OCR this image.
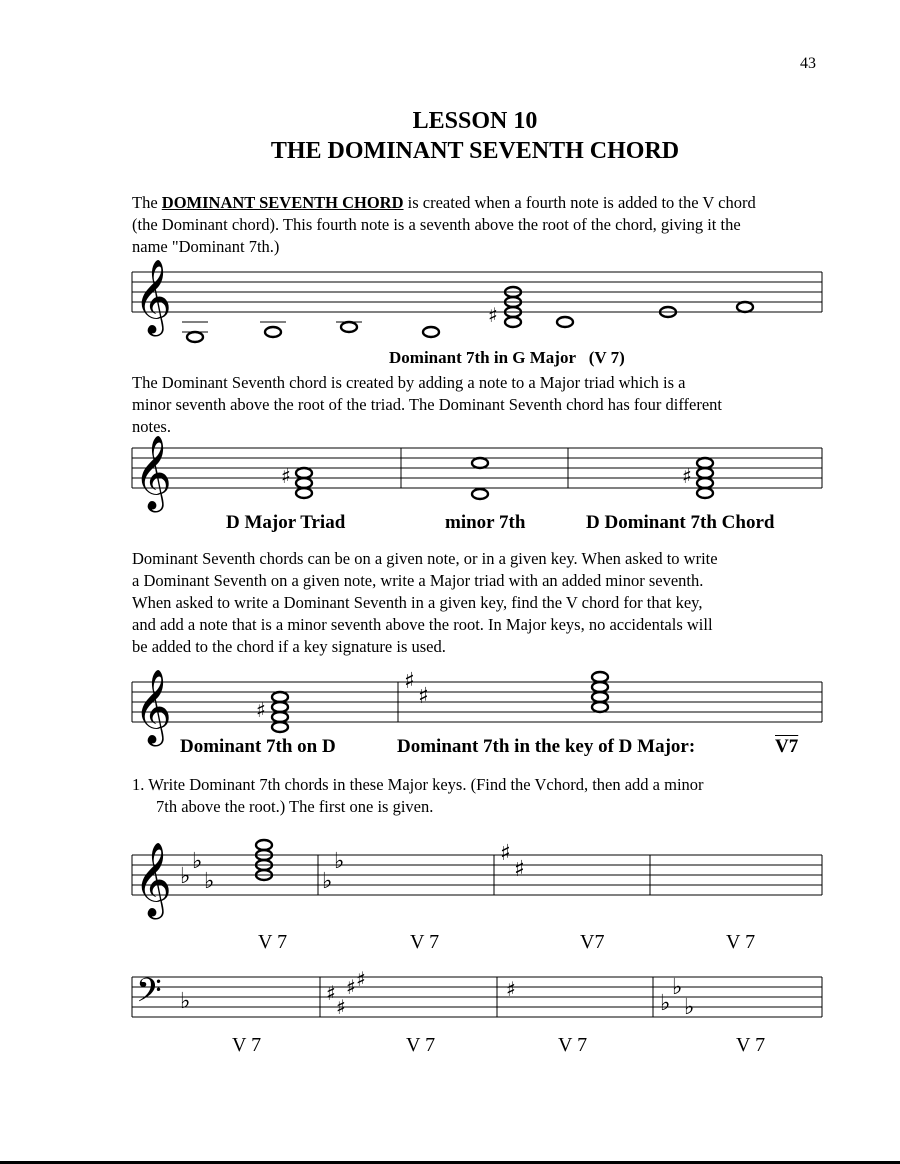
43
LESSON 10
THE DOMINANT SEVENTH CHORD
The DOMINANT SEVENTH CHORD is created when a fourth note is added to the V chord
(the Dominant chord). This fourth note is a seventh above the root of the chord, giving it the
name "Dominant 7th.)
𝄞	♯
Dominant 7th in G Major (V 7)
The Dominant Seventh chord is created by adding a note to a Major triad which is a
minor seventh above the root of the triad. The Dominant Seventh chord has four different
notes.
𝄞	♯	♯
D Major Triad	minor 7th	D Dominant 7th Chord
Dominant Seventh chords can be on a given note, or in a given key. When asked to write
a Dominant Seventh on a given note, write a Major triad with an added minor seventh.
When asked to write a Dominant Seventh in a given key, find the V chord for that key,
and add a note that is a minor seventh above the root. In Major keys, no accidentals will
be added to the chord if a key signature is used.
𝄞	♯
♯
♯
Dominant 7th on D	Dominant 7th in the key of D Major:	V7
1. Write Dominant 7th chords in these Major keys. (Find the Vchord, then add a minor
7th above the root.) The first one is given.
𝄞 ♭
♭
♭	♭
♭	♯
♯
V 7	V 7	V7	V 7
𝄢 ♭	♯
♯
♯ ♯	♯
♭
♭
♭
V 7	V 7	V 7	V 7
